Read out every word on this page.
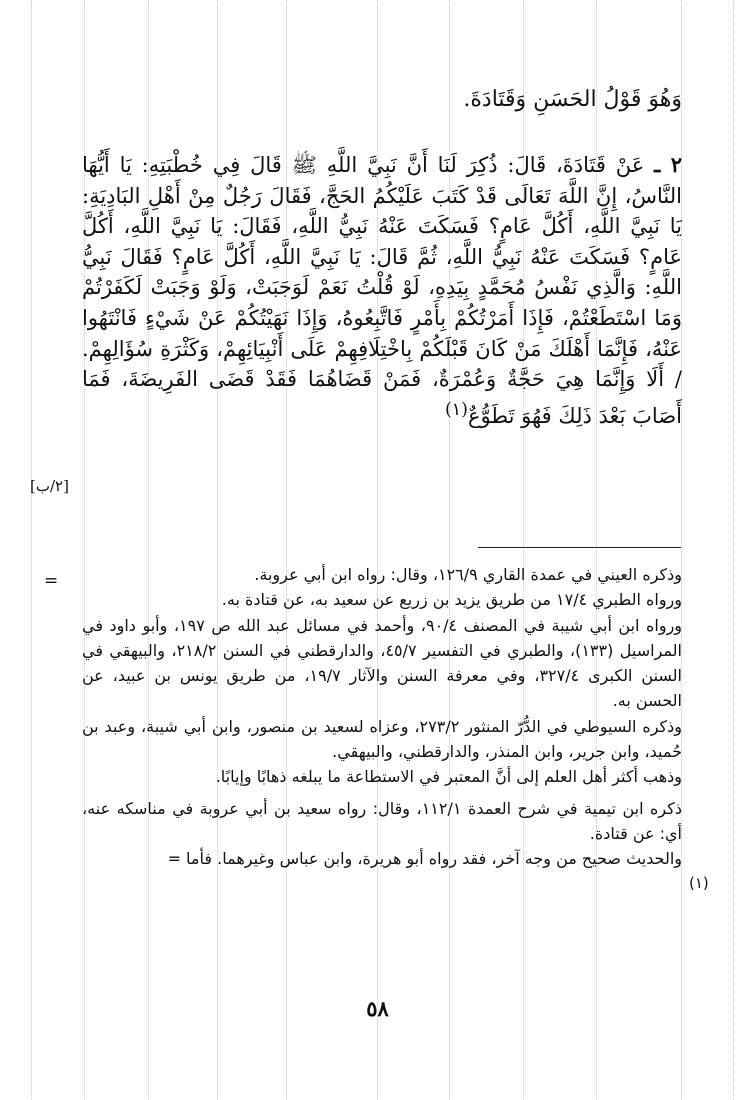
وَهُوَ قَوْلُ الحَسَنِ وَقَتَادَةَ.
٢ ـ عَنْ قَتَادَةَ، قَالَ: ذُكِرَ لَنَا أَنَّ نَبِيَّ اللَّهِ ﷺ قَالَ فِي خُطْبَتِهِ: يَا أَيُّهَا النَّاسُ، إِنَّ اللَّهَ تَعَالَى قَدْ كَتَبَ عَلَيْكُمُ الحَجَّ، فَقَالَ رَجُلٌ مِنْ أَهْلِ البَادِيَةِ: يَا نَبِيَّ اللَّهِ، أَكُلَّ عَامٍ؟ فَسَكَتَ عَنْهُ نَبِيُّ اللَّهِ، فَقَالَ: يَا نَبِيَّ اللَّهِ، أَكُلَّ عَامٍ؟ فَسَكَتَ عَنْهُ نَبِيُّ اللَّهِ، ثُمَّ قَالَ: يَا نَبِيَّ اللَّهِ، أَكُلَّ عَامٍ؟ فَقَالَ نَبِيُّ اللَّهِ: وَالَّذِي نَفْسُ مُحَمَّدٍ بِيَدِهِ، لَوْ قُلْتُ نَعَمْ لَوَجَبَتْ، وَلَوْ وَجَبَتْ لَكَفَرْتُمْ وَمَا اسْتَطَعْتُمْ، فَإِذَا أَمَرْتُكُمْ بِأَمْرٍ فَاتَّبِعُوهُ، وَإِذَا نَهَيْتُكُمْ عَنْ شَيْءٍ فَانْتَهُوا عَنْهُ، فَإِنَّمَا أَهْلَكَ مَنْ كَانَ قَبْلَكُمْ بِاخْتِلَافِهِمْ عَلَى أَنْبِيَائِهِمْ، وَكَثْرَةِ سُؤَالِهِمْ. / أَلَا وَإِنَّمَا هِيَ حَجَّةٌ وَعُمْرَةٌ، فَمَنْ قَضَاهُمَا فَقَدْ قَضَى الفَرِيضَةَ، فَمَا أَصَابَ بَعْدَ ذَلِكَ فَهُوَ تَطَوُّعٌ$^{(١)}$
[٢/ب]
=	وذكره العيني في عمدة القاري ١٢٦/٩، وقال: رواه ابن أبي عروبة.

ورواه الطبري ١٧/٤ من طريق يزيد بن زريع عن سعيد به، عن قتادة به.

ورواه ابن أبي شيبة في المصنف ٩٠/٤، وأحمد في مسائل عبد الله ص ١٩٧، وأبو داود في المراسيل (١٣٣)، والطبري في التفسير ٤٥/٧، والدارقطني في السنن ٢١٨/٢، والبيهقي في السنن الكبرى ٣٢٧/٤، وفي معرفة السنن والآثار ١٩/٧، من طريق يونس بن عبيد، عن الحسن به.

وذكره السيوطي في الدُّرّ المنثور ٢٧٣/٢، وعزاه لسعيد بن منصور، وابن أبي شيبة، وعبد بن حُميد، وابن جرير، وابن المنذر، والدارقطني، والبيهقي.

وذهب أكثر أهل العلم إلى أنَّ المعتبر في الاستطاعة ما يبلغه ذهابًا وإيابًا.

ذكره ابن تيمية في شرح العمدة ١١٢/١، وقال: رواه سعيد بن أبي عروبة في مناسكه عنه، أي: عن قتادة.

والحديث صحيح من وجه آخر، فقد رواه أبو هريرة، وابن عباس وغيرهما. فأما =

(١)
٥٨
